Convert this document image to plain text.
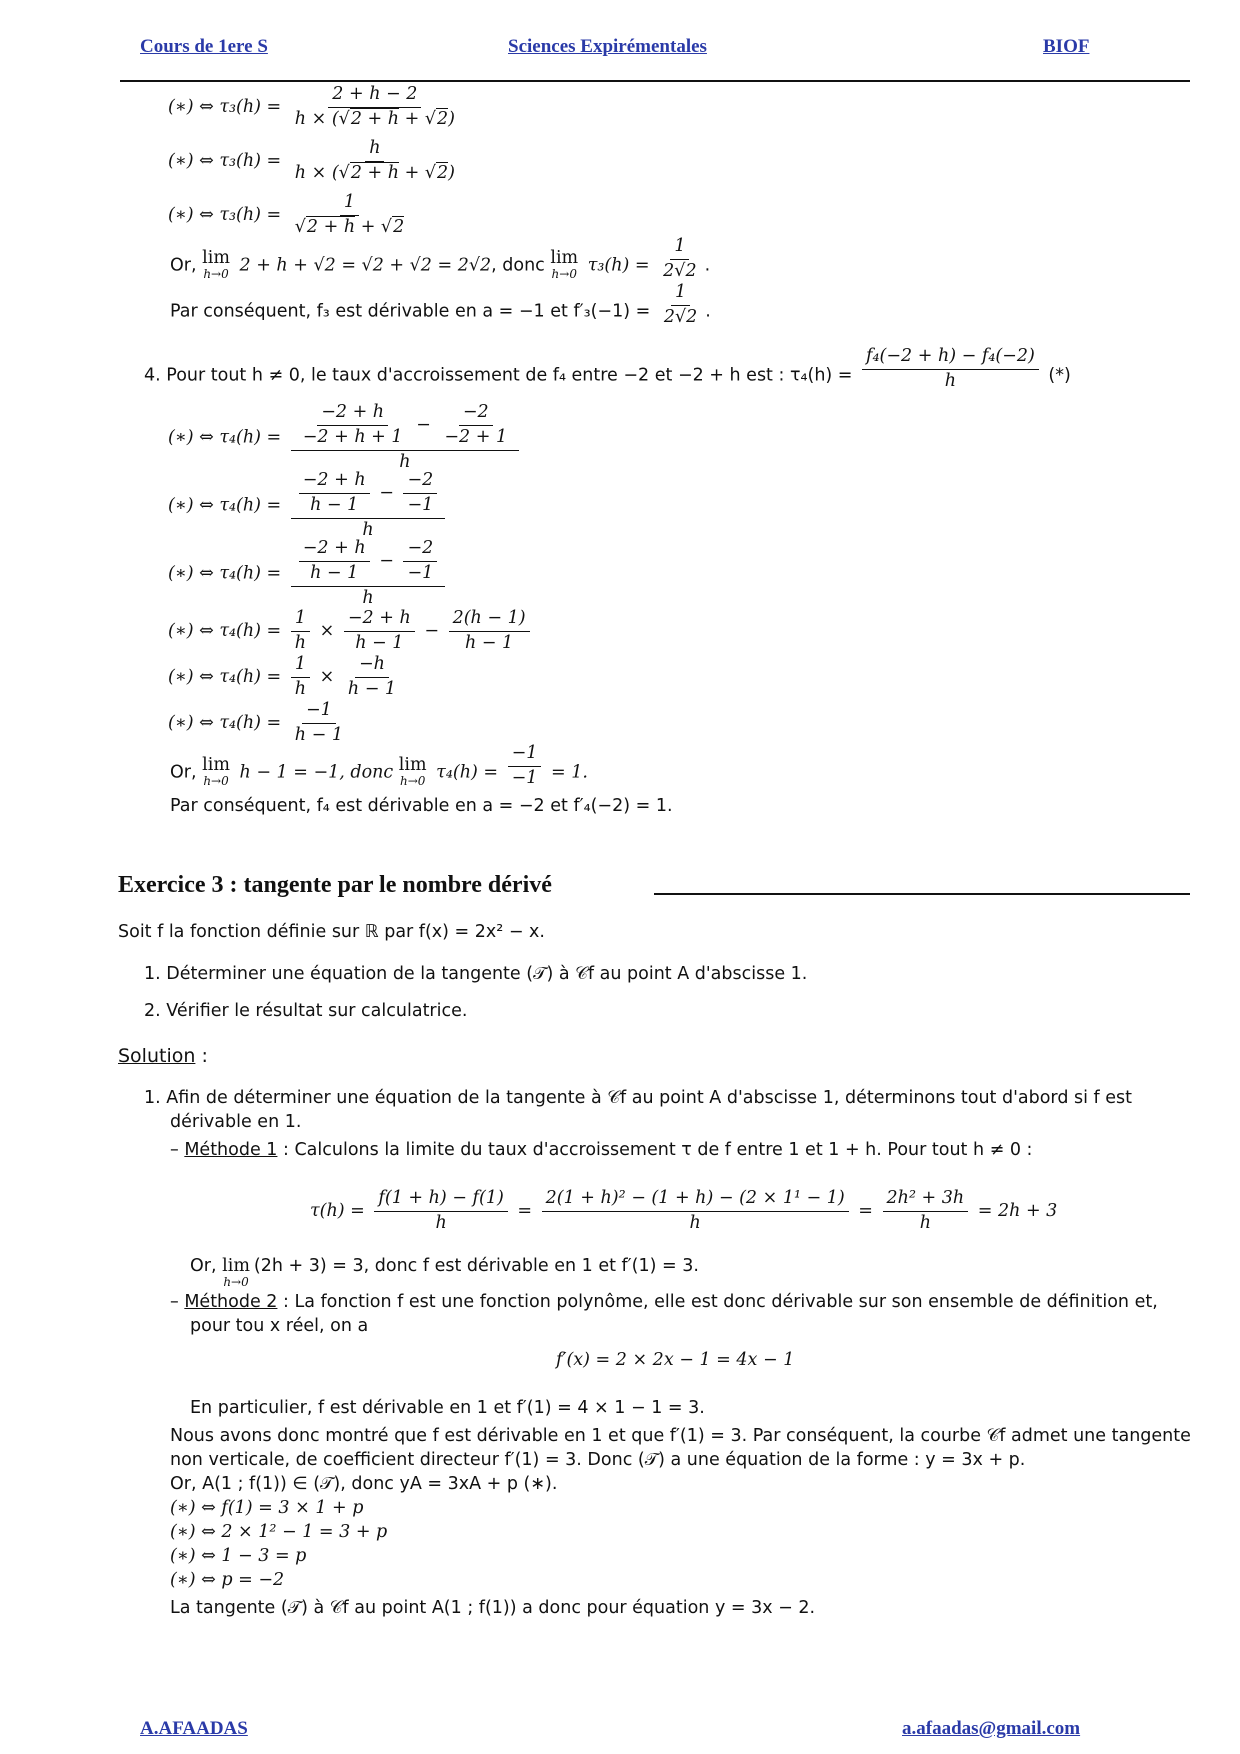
Cours de 1ere S	Sciences Expirémentales	BIOF
(∗) ⇔ $\tau_3(h) = \frac{2 + h - 2}{h \times (√2 + h + √2)}$
(∗) ⇔ $\tau_3(h) = \frac{h}{h \times (√2 + h + √2)}$
(∗) ⇔ $\tau_3(h) = \frac{1}{√2 + h + √2}$
Or, lim
h→0 2 + h + √2 = √2 + √2 = 2√2, donc lim
h→0 $\tau_3(h) = \frac{1}{2√2}$ .
Par conséquent, f₃ est dérivable en a = −1 et $f'_3(-1) = \frac{1}{2√2}$ .
4. Pour tout h ≠ 0, le taux d'accroissement de f₄ entre −2 et −2 + h est : $\tau_4(h) = \frac{\text{f₄(−2 + h) − f₄(−2)}}{h}$ (*)
(∗) ⇔ $\tau_4(h) = \frac{\frac{-2 + h}{-2 + h + 1} - \frac{-2}{-2 + 1}}{h}$
(∗) ⇔ $\tau_4(h) = \frac{\frac{-2 + h}{h - 1} - \frac{-2}{-1}}{h}$
(∗) ⇔ $\tau_4(h) = \frac{\frac{-2 + h}{h - 1} - \frac{-2}{-1}}{h}$
(∗) ⇔ $\tau_4(h) = \frac{1}{h} \times \frac{-2 + h}{h - 1} - \frac{2(h - 1)}{h - 1}$
(∗) ⇔ $\tau_4(h) = \frac{1}{h} \times \frac{-h}{h - 1}$
(∗) ⇔ $\tau_4(h) = \frac{-1}{h - 1}$
Or, lim
h→0 h − 1 = −1, donc lim
h→0 $\tau_4(h) = \frac{-1}{-1} = 1$.
Par conséquent, f₄ est dérivable en a = −2 et f′₄(−2) = 1.
Exercice 3 : tangente par le nombre dérivé
Soit f la fonction définie sur ℝ par f(x) = 2x² − x.
1. Déterminer une équation de la tangente (𝒯) à 𝒞f au point A d'abscisse 1.
2. Vérifier le résultat sur calculatrice.
Solution :
1. Afin de déterminer une équation de la tangente à 𝒞f au point A d'abscisse 1, déterminons tout d'abord si f est
dérivable en 1.
– Méthode 1 : Calculons la limite du taux d'accroissement τ de f entre 1 et 1 + h. Pour tout h ≠ 0 :
$\tau(h) = \frac{f(1 + h) - f(1)}{h} = \frac{\text{2(1 + h)² − (1 + h) − (2 × 1¹ − 1)}}{h} = \frac{\text{2h² + 3h}}{h} = 2h + 3$
Or, lim
h→0
(2h + 3) = 3, donc f est dérivable en 1 et f′(1) = 3.
– Méthode 2 : La fonction f est une fonction polynôme, elle est donc dérivable sur son ensemble de définition et,
pour tou x réel, on a
f′(x) = 2 × 2x − 1 = 4x − 1
En particulier, f est dérivable en 1 et f′(1) = 4 × 1 − 1 = 3.
Nous avons donc montré que f est dérivable en 1 et que f′(1) = 3. Par conséquent, la courbe 𝒞f admet une tangente
non verticale, de coefficient directeur f′(1) = 3. Donc (𝒯) a une équation de la forme : y = 3x + p.
Or, A(1 ; f(1)) ∈ (𝒯), donc yA = 3xA + p (∗).
(∗) ⇔ f(1) = 3 × 1 + p
(∗) ⇔ 2 × 1² − 1 = 3 + p
(∗) ⇔ 1 − 3 = p
(∗) ⇔ p = −2
La tangente (𝒯) à 𝒞f au point A(1 ; f(1)) a donc pour équation y = 3x − 2.
A.AFAADAS	a.afaadas@gmail.com
